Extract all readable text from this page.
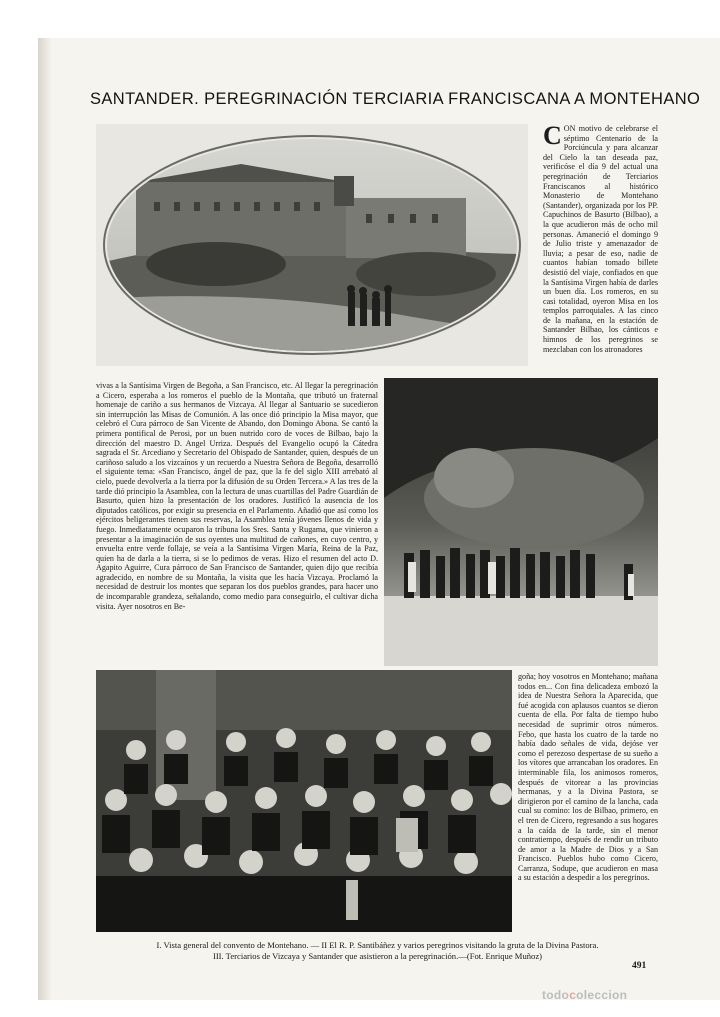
SANTANDER. PEREGRINACIÓN TERCIARIA FRANCISCANA A MONTEHANO
C ON motivo de celebrarse el séptimo Centenario de la Porciúncula y para alcanzar del Cielo la tan deseada paz, verificóse el día 9 del actual una peregrinación de Terciarios Franciscanos al histórico Monasterio de Montehano (Santander), organizada por los PP. Capuchinos de Basurto (Bilbao), a la que acudieron más de ocho mil personas. Amaneció el domingo 9 de Julio triste y amenazador de lluvia; a pesar de eso, nadie de cuantos habían tomado billete desistió del viaje, confiados en que la Santísima Virgen había de darles un buen día. Los romeros, en su casi totalidad, oyeron Misa en los templos parroquiales. A las cinco de la mañana, en la estación de Santander Bilbao, los cánticos e himnos de los peregrinos se mezclaban con los atronadores

vivas a la Santísima Virgen de Begoña, a San Francisco, etc. Al llegar la peregrinación a Cicero, esperaba a los romeros el pueblo de la Montaña, que tributó un fraternal homenaje de cariño a sus hermanos de Vizcaya. Al llegar al Santuario se sucedieron sin interrupción las Misas de Comunión. A las once dió principio la Misa mayor, que celebró el Cura párroco de San Vicente de Abando, don Domingo Abona. Se cantó la primera pontifical de Perosi, por un buen nutrido coro de voces de Bilbao, bajo la dirección del maestro D. Angel Urriza. Después del Evangelio ocupó la Cátedra sagrada el Sr. Arcediano y Secretario del Obispado de Santander, quien, después de un cariñoso saludo a los vizcaínos y un recuerdo a Nuestra Señora de Begoña, desarrolló el siguiente tema: «San Francisco, ángel de paz, que la fe del siglo XIII arrebató al cielo, puede devolverla a la tierra por la difusión de su Orden Tercera.» A las tres de la tarde dió principio la Asamblea, con la lectura de unas cuartillas del Padre Guardián de Basurto, quien hizo la presentación de los oradores. Justificó la ausencia de los diputados católicos, por exigir su presencia en el Parlamento. Añadió que así como los ejércitos beligerantes tienen sus reservas, la Asamblea tenía jóvenes llenos de vida y fuego. Inmediatamente ocuparon la tribuna los Sres. Santa y Rugama, que vinieron a presentar a la imaginación de sus oyentes una multitud de cañones, en cuyo centro, y envuelta entre verde follaje, se veía a la Santísima Virgen María, Reina de la Paz, quien ha de darla a la tierra, si se lo pedimos de veras. Hizo el resumen del acto D. Agapito Aguirre, Cura párroco de San Francisco de Santander, quien dijo que recibía agradecido, en nombre de su Montaña, la visita que les hacía Vizcaya. Proclamó la necesidad de destruir los montes que separan los dos pueblos grandes, para hacer uno de incomparable grandeza, señalando, como medio para conseguirlo, el cultivar dicha visita. Ayer nosotros en Be-

goña; hoy vosotros en Montehano; mañana todos en... Con fina delicadeza embozó la idea de Nuestra Señora la Aparecida, que fué acogida con aplausos cuantos se dieron cuenta de ella. Por falta de tiempo hubo necesidad de suprimir otros números. Febo, que hasta los cuatro de la tarde no había dado señales de vida, dejóse ver como el perezoso despertase de su sueño a los vítores que arrancaban los oradores. En interminable fila, los animosos romeros, después de vitorear a las provincias hermanas, y a la Divina Pastora, se dirigieron por el camino de la lancha, cada cual su comino: los de Bilbao, primero, en el tren de Cicero, regresando a sus hogares a la caída de la tarde, sin el menor contratiempo, después de rendir un tributo de amor a la Madre de Dios y a San Francisco. Pueblos hubo como Cicero, Carranza, Sodupe, que acudieron en masa a su estación a despedir a los peregrinos.

I. Vista general del convento de Montehano. — II El R. P. Santibáñez y varios peregrinos visitando la gruta de la Divina Pastora.
III. Terciarios de Vizcaya y Santander que asistieron a la peregrinación.—(Fot. Enrique Muñoz)
491
todocoleccion
